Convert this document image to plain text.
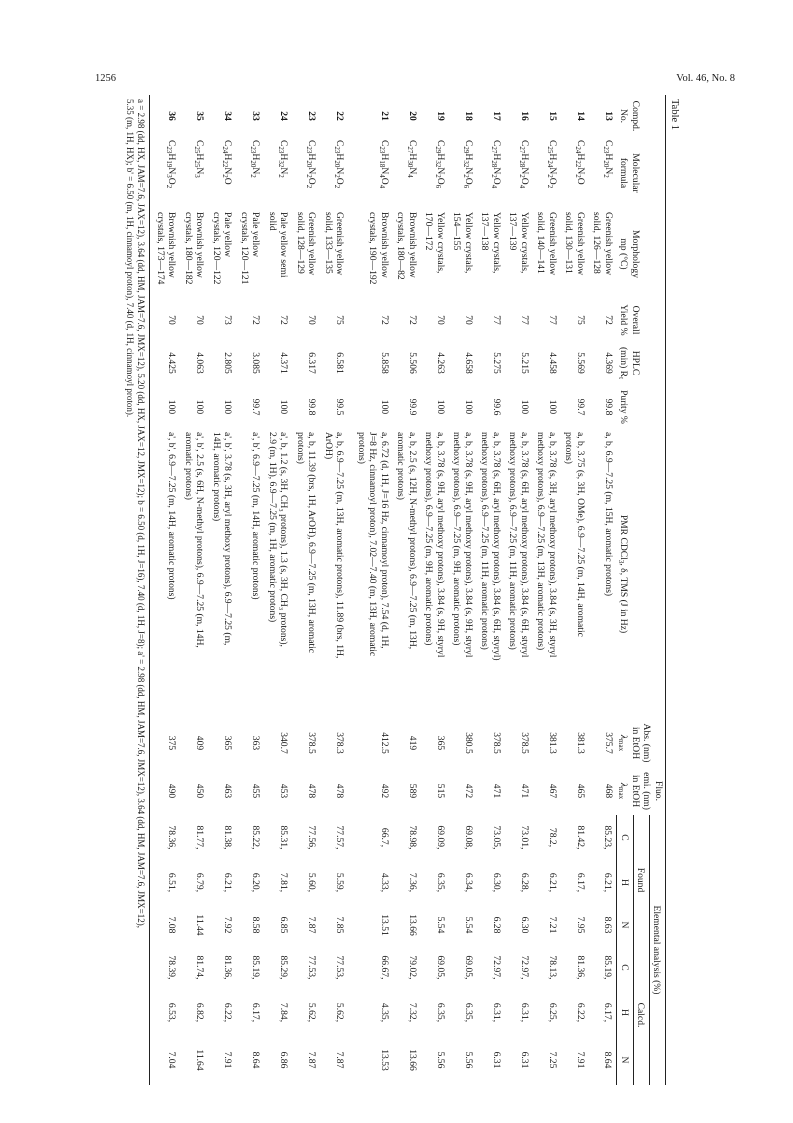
1256	Vol. 46, No. 8
Table 1
Compd.
No.	Molecular
formula	Morphology
mp (°C)	Overall
Yield %	HPLC
(min) $R_t$	Purity %	PMR CDCl$_3$, δ, TMS (J in Hz)	Abs. (nm)
in EtOH
$\lambda_{max}$	Fluo.
emi. (nm)
in EtOH
$\lambda_{max}$	Elemental analysis (%)					
									Found			Calcd.		
									C	H	N	C	H	N
13	$C_{23}H_{20}N_2$	Greenish yellow
solid, 126—128	72	4.369	99.8	a, b, 6.9—7.25 (m, 15H, aromatic protons)	375.7	468	85.23,	6.21,	8.63	85.19,	6.17,	8.64
14	$C_{24}H_{22}N_2O$	Greenish yellow
solid, 130—131	75	5.569	99.7	a, b, 3.75 (s, 3H, OMe), 6.9—7.25 (m, 14H, aromatic
protons)	381.3	465	81.42,	6.17,	7.95	81.36,	6.22,	7.91
15	$C_{25}H_{24}N_2O_2$	Greenish yellow
solid, 140—141	77	4.458	100	a, b, 3.78 (s, 3H, aryl methoxy protons), 3.84 (s, 3H, styryl
methoxy protons), 6.9—7.25 (m, 13H, aromatic protons)	381.3	467	78.2,	6.21,	7.21	78.13,	6.25,	7.25
16	$C_{27}H_{28}N_2O_4$	Yellow crystals,
137—139	77	5.215	100	a, b, 3.78 (s, 6H, aryl methoxy protons), 3.84 (s, 6H, styryl
methoxy protons), 6.9—7.25 (m, 11H, aromatic protons)	378.5	471	73.01,	6.28,	6.30	72.97,	6.31,	6.31
17	$C_{27}H_{28}N_2O_4$	Yellow crystals,
137—138	77	5.275	99.6	a, b, 3.78 (s, 6H, aryl methoxy protons), 3.84 (s, 6H, styryl)
methoxy protons), 6.9—7.25 (m, 11H, aromatic protons)	378.5	471	73.05,	6.30,	6.28	72.97,	6.31,	6.31
18	$C_{29}H_{32}N_2O_6$	Yellow crystals,
154—155	70	4.658	100	a, b, 3.78 (s, 9H, aryl methoxy protons), 3.84 (s, 9H, styryl
methoxy protons), 6.9—7.25 (m, 9H, aromatic protons)	380.5	472	69.08,	6.34,	5.54	69.05,	6.35,	5.56
19	$C_{29}H_{32}N_2O_6$	Yellow crystals,
170—172	70	4.263	100	a, b, 3.78 (s, 9H, aryl methoxy protons), 3.84 (s, 9H, styryl
methoxy protons), 6.9—7.25 (m, 9H, aromatic protons)	365	515	69.09,	6.35,	5.54	69.05,	6.35,	5.56
20	$C_{27}H_{30}N_4$	Brownish yellow
crystals, 180—82	72	5.506	99.9	a, b, 2.5 (s, 12H, N-methyl protons), 6.9—7.25 (m, 13H,
aromatic protons)	419	589	78.98,	7.36,	13.66	79.02,	7.32,	13.66
21	$C_{23}H_{18}N_4O_4$	Brownish yellow
crystals, 190—192	72	5.858	100	a, 6.72 (d, 1H, J=16 Hz, cinnamoyl proton), 7.54 (d, 1H,
J=8 Hz, cinnamoyl proton), 7.02—7.40 (m, 13H, aromatic
protons)	412.5	492	66.7,	4.33,	13.51	66.67,	4.35,	13.53
22	$C_{23}H_{20}N_2O_2$	Greenish yellow
solid, 133—135	75	6.581	99.5	a, b, 6.9—7.25 (m, 13H, aromatic protons), 11.89 (brs, 1H,
ArOH)	378.3	478	77.57,	5.59,	7.85	77.53,	5.62,	7.87
23	$C_{23}H_{20}N_2O_2$	Greenish yellow
solid, 128—129	70	6.317	99.8	a, b, 11.39 (brs, 1H, ArOH), 6.9—7.25 (m, 13H, aromatic
protons)	378.5	478	77.56,	5.60,	7.87	77.53,	5.62,	7.87
24	$C_{23}H_{32}N_2$	Pale yellow semi
solid	72	4.371	100	a', b, 1.2 (s, 3H, CH₃ protons), 1.3 (s, 3H, CH₃ protons),
2.9 (m, 1H), 6.9—7.25 (m, 1H, aromatic protons)	340.7	453	85.31,	7.81,	6.85	85.29,	7.84,	6.86
33	$C_{23}H_{20}N_2$	Pale yellow
crystals, 120—121	72	3.085	99.7	a', b', 6.9—7.25 (m, 14H, aromatic protons)	363	455	85.22,	6.20,	8.58	85.19,	6.17,	8.64
34	$C_{24}H_{22}N_2O$	Pale yellow
crystals, 120—122	73	2.805	100	a', b', 3.78 (s, 3H, aryl methoxy protons), 6.9—7.25 (m,
14H, aromatic protons)	365	463	81.38,	6.21,	7.92	81.36,	6.22,	7.91
35	$C_{25}H_{25}N_3$	Brownish yellow
crystals, 180—182	70	4.063	100	a', b', 2.5 (s, 6H, N-methyl protons), 6.9—7.25 (m, 14H,
aromatic protons)	409	450	81.77,	6.79,	11.44	81.74,	6.82,	11.64
36	$C_{23}H_{19}N_3O_2$	Brownish yellow
crystals, 173—174	70	4.425	100	a', b', 6.9—7.25 (m, 14H, aromatic protons)	375	490	78.36,	6.51,	7.08	78.39,	6.53,	7.04
a = 2.98 (dd, HX, JAM=7.6, JAX=12), 3.64 (dd, HM, JAM=7.6, JMX=12), 5.20 (dd, HX, JAX=12, JMX=12); b = 6.50 (d, 1H, J=16), 7.40 (d, 1H, J=8); a' = 2.98 (dd, HM, JAM=7.6, JMX=12), 3.64 (dd, HM, JAM=7.6, JMX=12),
5.35 (m, 1H, HX); b' = 6.50 (m, 1H, cinnamoyl proton), 7.40 (d, 1H, cinnamoyl proton).
